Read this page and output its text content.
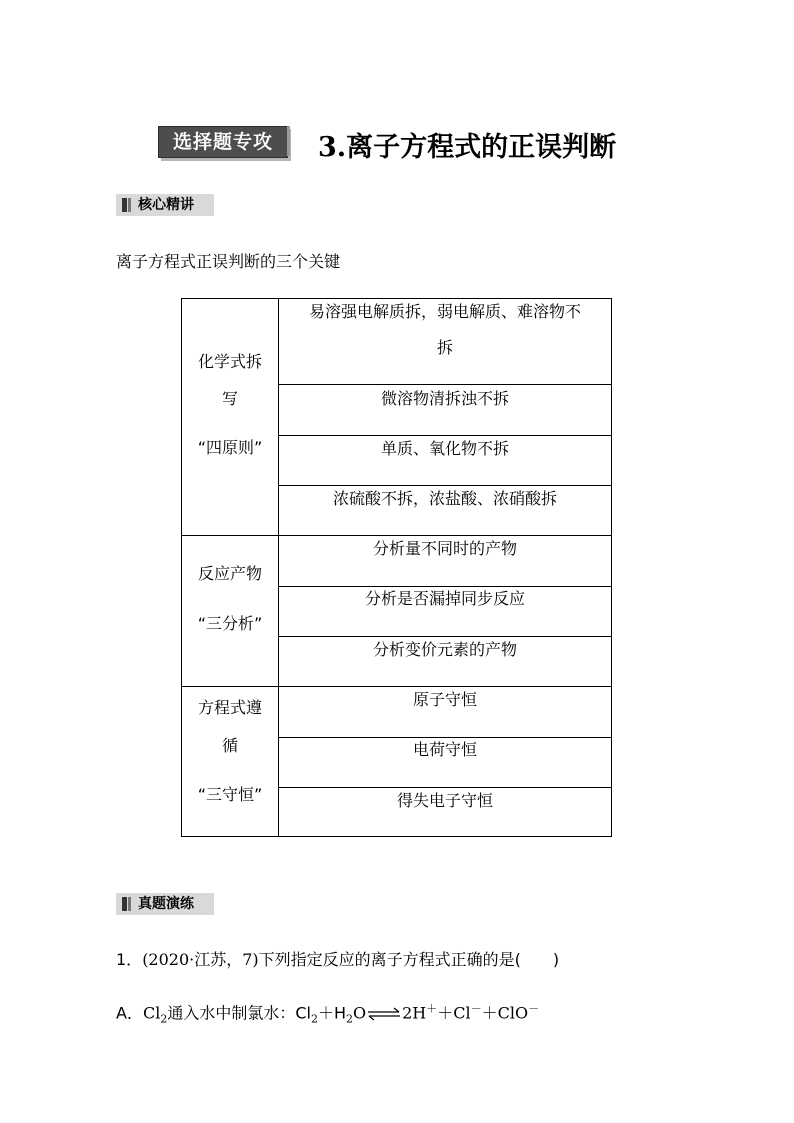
选择题专攻	3.离子方程式的正误判断
核心精讲
离子方程式正误判断的三个关键
化学式拆
写
“四原则”
易溶强电解质拆，弱电解质、难溶物不
拆
微溶物清拆浊不拆
单质、氧化物不拆
浓硫酸不拆，浓盐酸、浓硝酸拆
反应产物
“三分析”
分析量不同时的产物
分析是否漏掉同步反应
分析变价元素的产物
方程式遵
循
“三守恒”
原子守恒
电荷守恒
得失电子守恒
真题演练
1．(2020·江苏，7)下列指定反应的离子方程式正确的是(　　)
A．$Cl_2$通入水中制氯水：$Cl_2+H_2O\rightleftharpoons 2H^++Cl^-+ClO^-$
